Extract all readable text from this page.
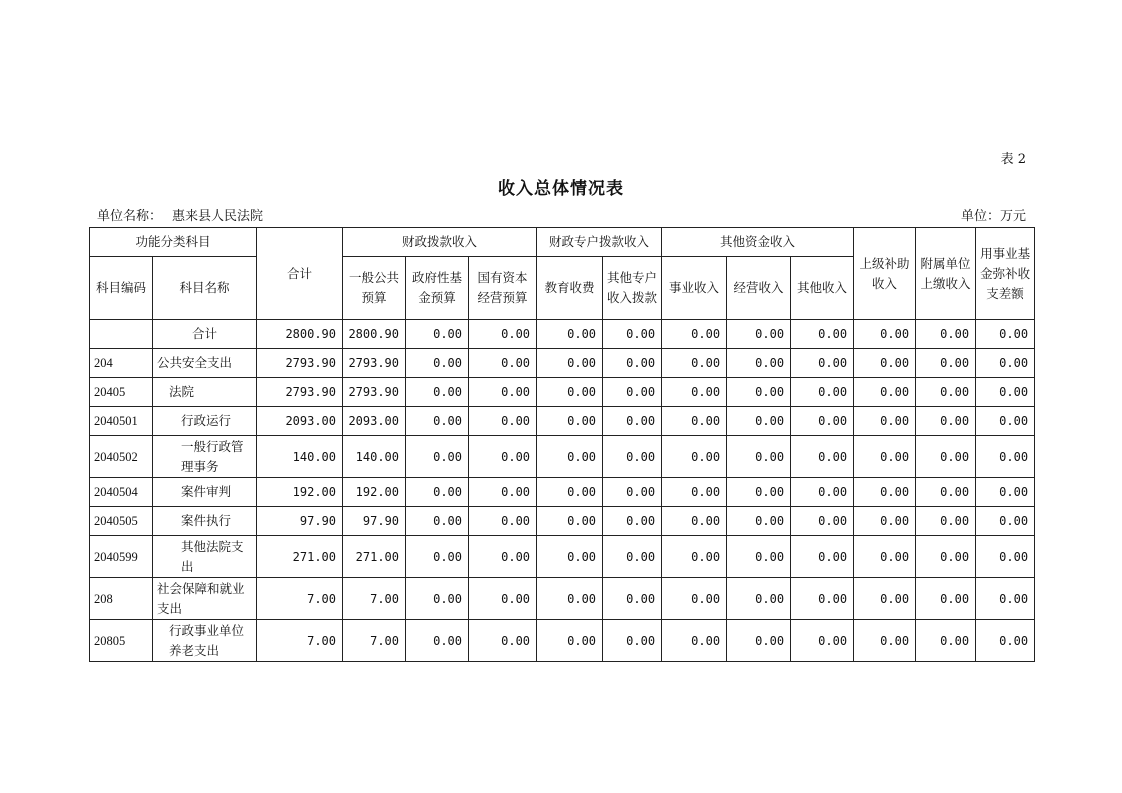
表 2
收入总体情况表
单位名称： 惠来县人民法院	单位：万元
功能分类科目		合计	财政拨款收入			财政专户拨款收入		其他资金收入			上级补助收入	附属单位上缴收入	用事业基金弥补收支差额
科目编码	科目名称		一般公共预算	政府性基金预算	国有资本经营预算	教育收费	其他专户收入拨款	事业收入	经营收入	其他收入			
	合计	2800.90	2800.90	0.00	0.00	0.00	0.00	0.00	0.00	0.00	0.00	0.00	0.00
204	公共安全支出	2793.90	2793.90	0.00	0.00	0.00	0.00	0.00	0.00	0.00	0.00	0.00	0.00
20405	法院	2793.90	2793.90	0.00	0.00	0.00	0.00	0.00	0.00	0.00	0.00	0.00	0.00
2040501	行政运行	2093.00	2093.00	0.00	0.00	0.00	0.00	0.00	0.00	0.00	0.00	0.00	0.00
2040502	一般行政管理事务	140.00	140.00	0.00	0.00	0.00	0.00	0.00	0.00	0.00	0.00	0.00	0.00
2040504	案件审判	192.00	192.00	0.00	0.00	0.00	0.00	0.00	0.00	0.00	0.00	0.00	0.00
2040505	案件执行	97.90	97.90	0.00	0.00	0.00	0.00	0.00	0.00	0.00	0.00	0.00	0.00
2040599	其他法院支出	271.00	271.00	0.00	0.00	0.00	0.00	0.00	0.00	0.00	0.00	0.00	0.00
208	社会保障和就业支出	7.00	7.00	0.00	0.00	0.00	0.00	0.00	0.00	0.00	0.00	0.00	0.00
20805	行政事业单位养老支出	7.00	7.00	0.00	0.00	0.00	0.00	0.00	0.00	0.00	0.00	0.00	0.00
